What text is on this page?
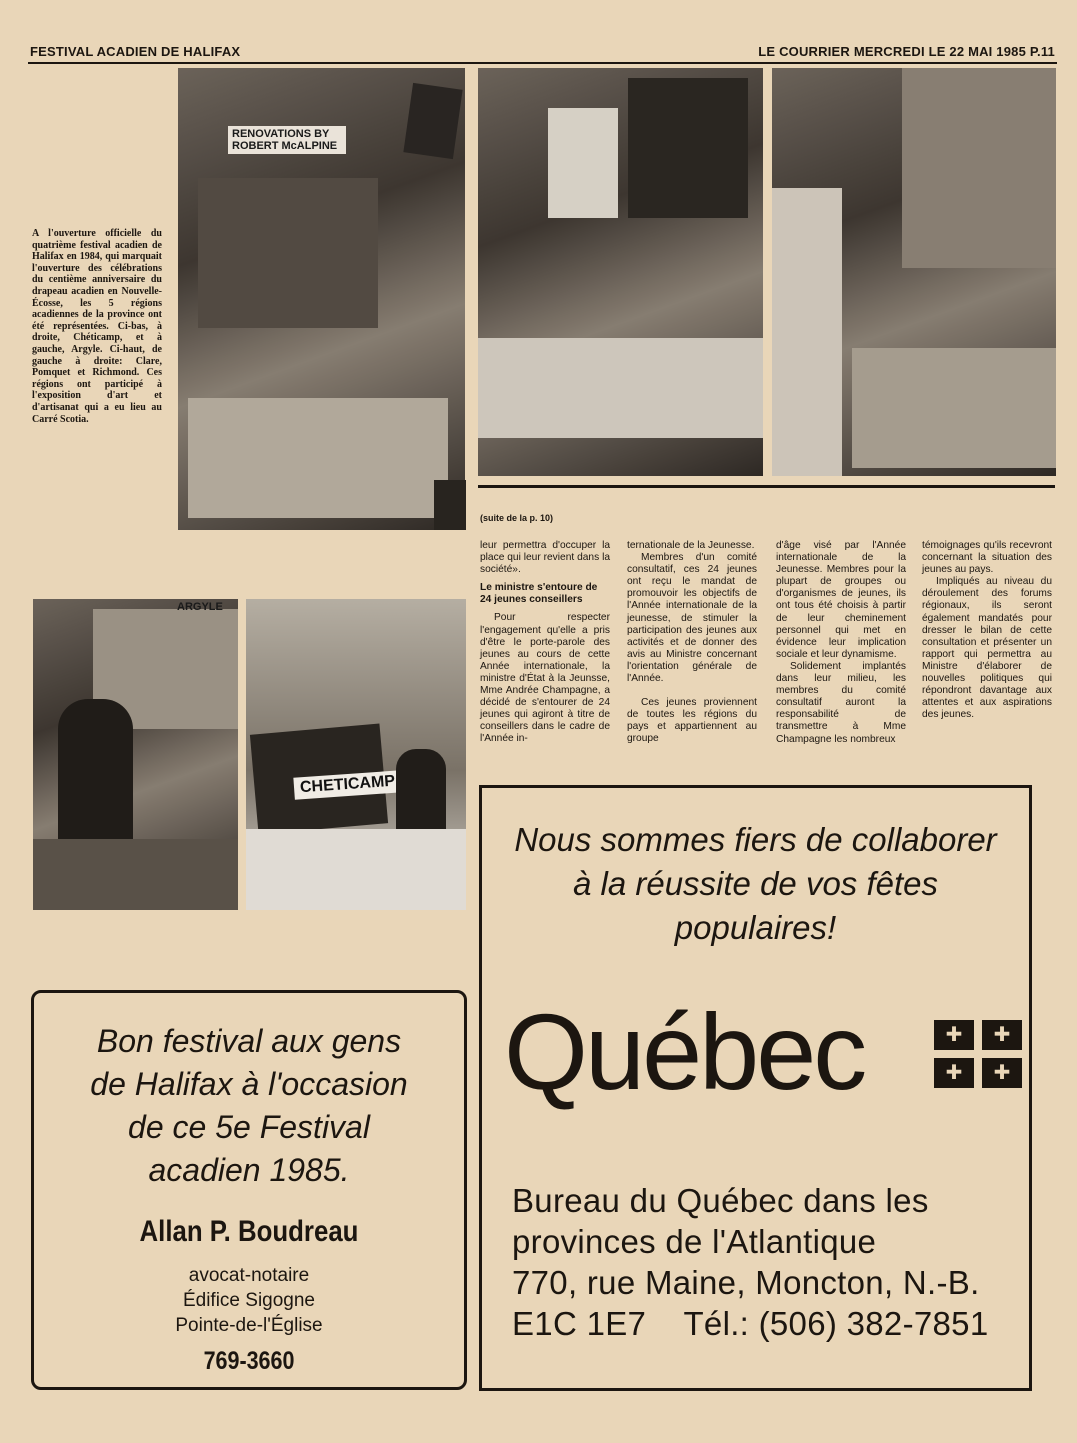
FESTIVAL ACADIEN DE HALIFAX	LE COURRIER MERCREDI LE 22 MAI 1985 P.11
RENOVATIONS BY ROBERT McALPINE
A l'ouverture officielle du quatrième festival acadien de Halifax en 1984, qui marquait l'ouverture des célébrations du centième anniversaire du drapeau acadien en Nouvelle-Écosse, les 5 régions acadiennes de la province ont été représentées. Ci-bas, à droite, Chéticamp, et à gauche, Argyle. Ci-haut, de gauche à droite: Clare, Pomquet et Richmond. Ces régions ont participé à l'exposition d'art et d'artisanat qui a eu lieu au Carré Scotia.
ARGYLE
CHETICAMP
(suite de la p. 10)

leur permettra d'occuper la place qui leur revient dans la société».

Le ministre s'entoure de 24 jeunes conseillers

Pour respecter l'engagement qu'elle a pris d'être le porte-parole des jeunes au cours de cette Année internationale, la ministre d'État à la Jeunsse, Mme Andrée Champagne, a décidé de s'entourer de 24 jeunes qui agiront à titre de conseillers dans le cadre de l'Année in-

ternationale de la Jeunesse.

Membres d'un comité consultatif, ces 24 jeunes ont reçu le mandat de promouvoir les objectifs de l'Année internationale de la jeunesse, de stimuler la participation des jeunes aux activités et de donner des avis au Ministre concernant l'orientation générale de l'Année.

Ces jeunes proviennent de toutes les régions du pays et appartiennent au groupe

d'âge visé par l'Année internationale de la Jeunesse. Membres pour la plupart de groupes ou d'organismes de jeunes, ils ont tous été choisis à partir de leur cheminement personnel qui met en évidence leur implication sociale et leur dynamisme.

Solidement implantés dans leur milieu, les membres du comité consultatif auront la responsabilité de transmettre à Mme Champagne les nombreux

témoignages qu'ils recevront concernant la situation des jeunes au pays.

Impliqués au niveau du déroulement des forums régionaux, ils seront également mandatés pour dresser le bilan de cette consultation et présenter un rapport qui permettra au Ministre d'élaborer de nouvelles politiques qui répondront davantage aux attentes et aux aspirations des jeunes.

Nous sommes fiers de collaborer
à la réussite de vos fêtes
populaires!
Québec	✚	✚
✚	✚
Bureau du Québec dans les
provinces de l'Atlantique
770, rue Maine, Moncton, N.-B.
E1C 1E7    Tél.: (506) 382-7851
Bon festival aux gens
de Halifax à l'occasion
de ce 5e Festival
acadien 1985.
Allan P. Boudreau
avocat-notaire
Édifice Sigogne
Pointe-de-l'Église
769-3660
